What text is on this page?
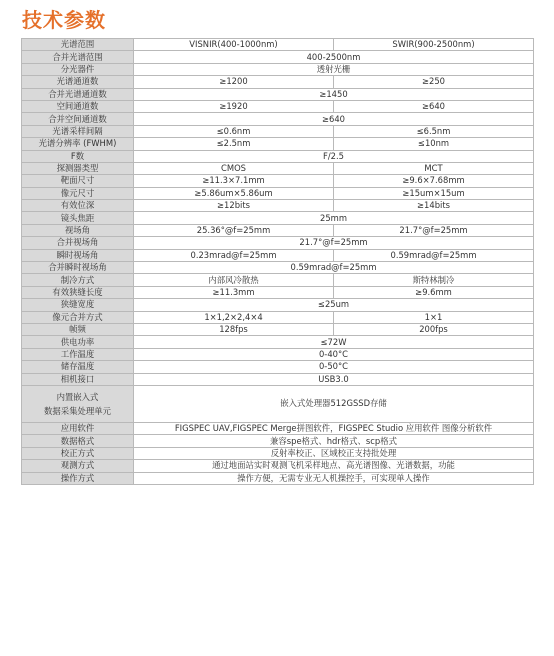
技术参数
光谱范围	VISNIR(400-1000nm)	SWIR(900-2500nm)
合并光谱范围	400-2500nm	
分光器件	透射光栅	
光谱通道数	≥1200	≥250
合并光谱通道数	≥1450	
空间通道数	≥1920	≥640
合并空间通道数	≥640	
光谱采样间隔	≤0.6nm	≤6.5nm
光谱分辨率 (FWHM)	≤2.5nm	≤10nm
F数	F/2.5	
探测器类型	CMOS	MCT
靶面尺寸	≥11.3×7.1mm	≥9.6×7.68mm
像元尺寸	≥5.86um×5.86um	≥15um×15um
有效位深	≥12bits	≥14bits
镜头焦距	25mm	
视场角	25.36°@f=25mm	21.7°@f=25mm
合并视场角	21.7°@f=25mm	
瞬时视场角	0.23mrad@f=25mm	0.59mrad@f=25mm
合并瞬时视场角	0.59mrad@f=25mm	
制冷方式	内部风冷散热	斯特林制冷
有效狭缝长度	≥11.3mm	≥9.6mm
狭缝宽度	≤25um	
像元合并方式	1×1,2×2,4×4	1×1
帧频	128fps	200fps
供电功率	≤72W	
工作温度	0-40°C	
储存温度	0-50°C	
相机接口	USB3.0	
内置嵌入式
数据采集处理单元	嵌入式处理器512GSSD存储	
应用软件	FIGSPEC UAV,FIGSPEC Merge拼图软件，FIGSPEC Studio 应用软件 图像分析软件	
数据格式	兼容spe格式、hdr格式、scp格式	
校正方式	反射率校正、区域校正支持批处理	
观测方式	通过地面站实时观测飞机采样地点、高光谱图像、光谱数据，功能	
操作方式	操作方便，无需专业无人机操控手，可实现单人操作	
